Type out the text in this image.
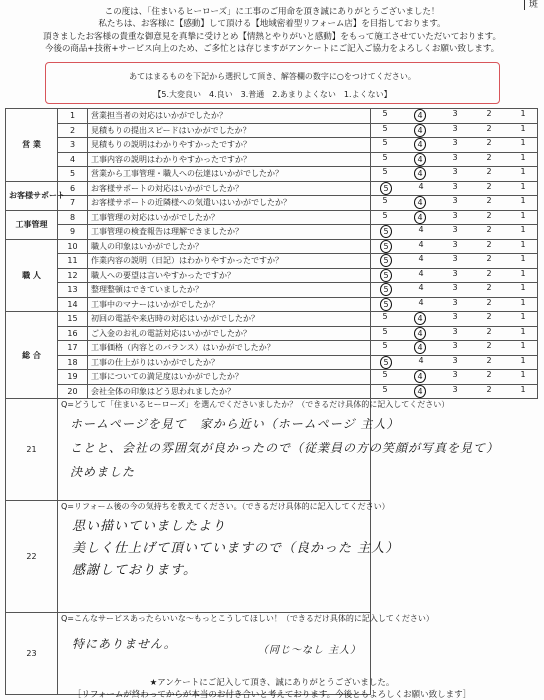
斑
この度は、「住まいるヒーローズ」に工事のご用命を頂き誠にありがとうございました！
私たちは、お客様に【感動】して頂ける【地域密着型リフォーム店】を目指しております。
頂きましたお客様の貴重な御意見を真摯に受けとめ【情熱とやりがいと感動】をもって施工させていただいております。
今後の商品+技術+サービス向上のため、ご多忙とは存じますがアンケートにご記入ご協力をよろしくお願い致します。
あてはまるものを下記から選択して頂き、解答欄の数字に○をつけてください。
【5.大変良い　4.良い　3.普通　2.あまりよくない　1.よくない】
営 業	1	営業担当者の対応はいかがでしたか？	5 4 3 2 1

	2	見積もりの提出スピードはいかがでしたか？	5 4 3 2 1

	3	見積もりの説明はわかりやすかったですか？	5 4 3 2 1

	4	工事内容の説明はわかりやすかったですか？	5 4 3 2 1

	5	営業から工事管理・職人への伝達はいかがでしたか？	5 4 3 2 1

お客様サポート	6	お客様サポートの対応はいかがでしたか？	5 4 3 2 1

	7	お客様サポートの近隣様への気遣いはいかがでしたか？	5 4 3 2 1

工事管理	8	工事管理の対応はいかがでしたか？	5 4 3 2 1

	9	工事管理の検査報告は理解できましたか？	5 4 3 2 1

職 人	10	職人の印象はいかがでしたか？	5 4 3 2 1

	11	作業内容の説明（日記）はわかりやすかったですか？	5 4 3 2 1

	12	職人への要望は言いやすかったですか？	5 4 3 2 1

	13	整理整頓はできていましたか？	5 4 3 2 1

	14	工事中のマナーはいかがでしたか？	5 4 3 2 1

総 合	15	初回の電話や来店時の対応はいかがでしたか？	5 4 3 2 1

	16	ご入金のお礼の電話対応はいかがでしたか？	5 4 3 2 1

	17	工事価格（内容とのバランス）はいかがでしたか？	5 4 3 2 1

	18	工事の仕上がりはいかがでしたか？	5 4 3 2 1

	19	工事についての満足度はいかがでしたか？	5 4 3 2 1

	20	会社全体の印象はどう思われましたか？	5 4 3 2 1

21	Q=どうして「住まいるヒーローズ」を選んでくださいましたか？（できるだけ具体的に記入してください）
ホームページを見て　家から近い（ホームページ 主人）
ことと、会社の雰囲気が良かったので（従業員の方の笑顔が写真を見て）
決めました		

22	Q=リフォーム後の今の気持ちを教えてください。（できるだけ具体的に記入してください）
思い描いていましたより
美しく仕上げて頂いていますので（良かった 主人）
感謝しております。		

23	Q=こんなサービスあったらいいな～もっとこうしてほしい！（できるだけ具体的に記入してください）
特にありません。 （同じ～なし 主人）		
★アンケートにご記入して頂き、誠にありがとうございました。
［リフォームが終わってからが本当のお付き合いと考えております。今後ともよろしくお願い致します］
